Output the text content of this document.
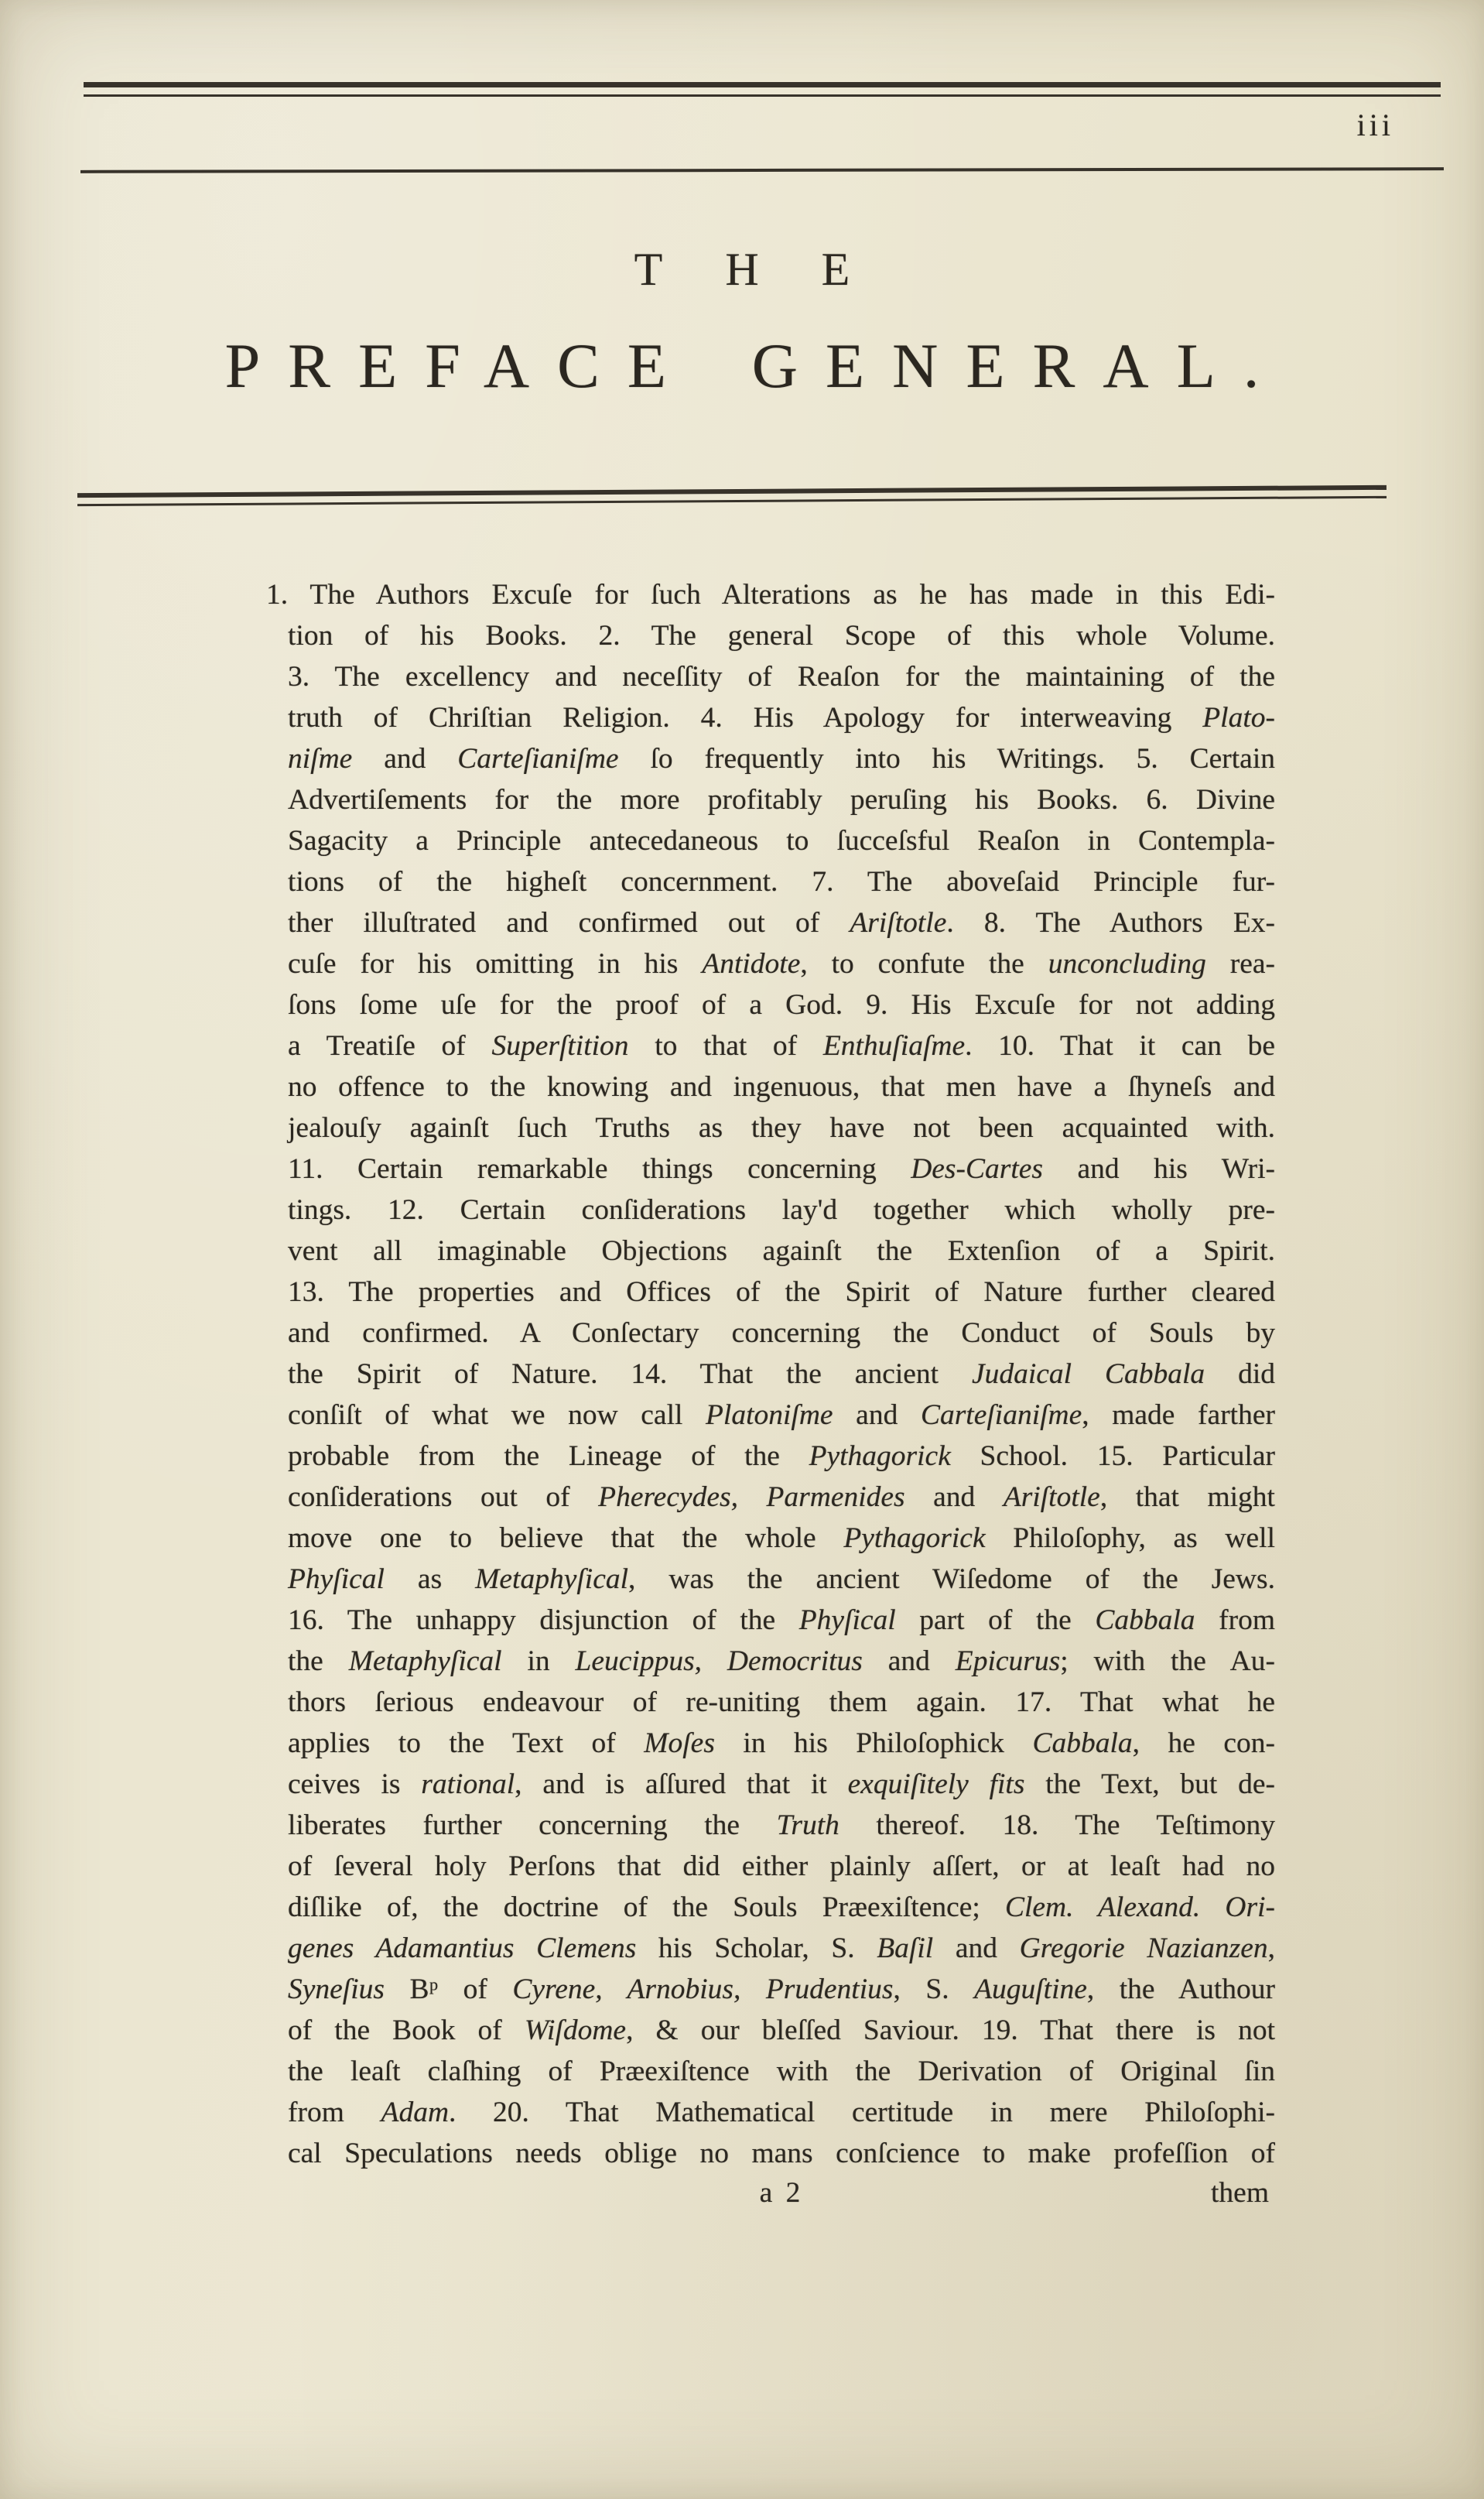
iii
THE
PREFACE GENERAL.
1. The Authors Excuſe for ſuch Alterations as he has made in this Edi-
tion of his Books. 2. The general Scope of this whole Volume.
3. The excellency and neceſſity of Reaſon for the maintaining of the
truth of Chriſtian Religion. 4. His Apology for interweaving Plato-
niſme and Carteſianiſme ſo frequently into his Writings. 5. Certain
Advertiſements for the more profitably peruſing his Books. 6. Divine
Sagacity a Principle antecedaneous to ſucceſsful Reaſon in Contempla-
tions of the higheſt concernment. 7. The aboveſaid Principle fur-
ther illuſtrated and confirmed out of Ariſtotle. 8. The Authors Ex-
cuſe for his omitting in his Antidote, to confute the unconcluding rea-
ſons ſome uſe for the proof of a God. 9. His Excuſe for not adding
a Treatiſe of Superſtition to that of Enthuſiaſme. 10. That it can be
no offence to the knowing and ingenuous, that men have a ſhyneſs and
jealouſy againſt ſuch Truths as they have not been acquainted with.
11. Certain remarkable things concerning Des-Cartes and his Wri-
tings. 12. Certain conſiderations lay'd together which wholly pre-
vent all imaginable Objections againſt the Extenſion of a Spirit.
13. The properties and Offices of the Spirit of Nature further cleared
and confirmed. A Conſectary concerning the Conduct of Souls by
the Spirit of Nature. 14. That the ancient Judaical Cabbala did
conſiſt of what we now call Platoniſme and Carteſianiſme, made farther
probable from the Lineage of the Pythagorick School. 15. Particular
conſiderations out of Pherecydes, Parmenides and Ariſtotle, that might
move one to believe that the whole Pythagorick Philoſophy, as well
Phyſical as Metaphyſical, was the ancient Wiſedome of the Jews.
16. The unhappy disjunction of the Phyſical part of the Cabbala from
the Metaphyſical in Leucippus, Democritus and Epicurus; with the Au-
thors ſerious endeavour of re-uniting them again. 17. That what he
applies to the Text of Moſes in his Philoſophick Cabbala, he con-
ceives is rational, and is aſſured that it exquiſitely fits the Text, but de-
liberates further concerning the Truth thereof. 18. The Teſtimony
of ſeveral holy Perſons that did either plainly aſſert, or at leaſt had no
diſlike of, the doctrine of the Souls Præexiſtence; Clem. Alexand. Ori-
genes Adamantius Clemens his Scholar, S. Baſil and Gregorie Nazianzen,
Syneſius Bᵖ of Cyrene, Arnobius, Prudentius, S. Auguſtine, the Authour
of the Book of Wiſdome, & our bleſſed Saviour. 19. That there is not
the leaſt claſhing of Præexiſtence with the Derivation of Original ſin
from Adam. 20. That Mathematical certitude in mere Philoſophi-
cal Speculations needs oblige no mans conſcience to make profeſſion of
a 2	them
